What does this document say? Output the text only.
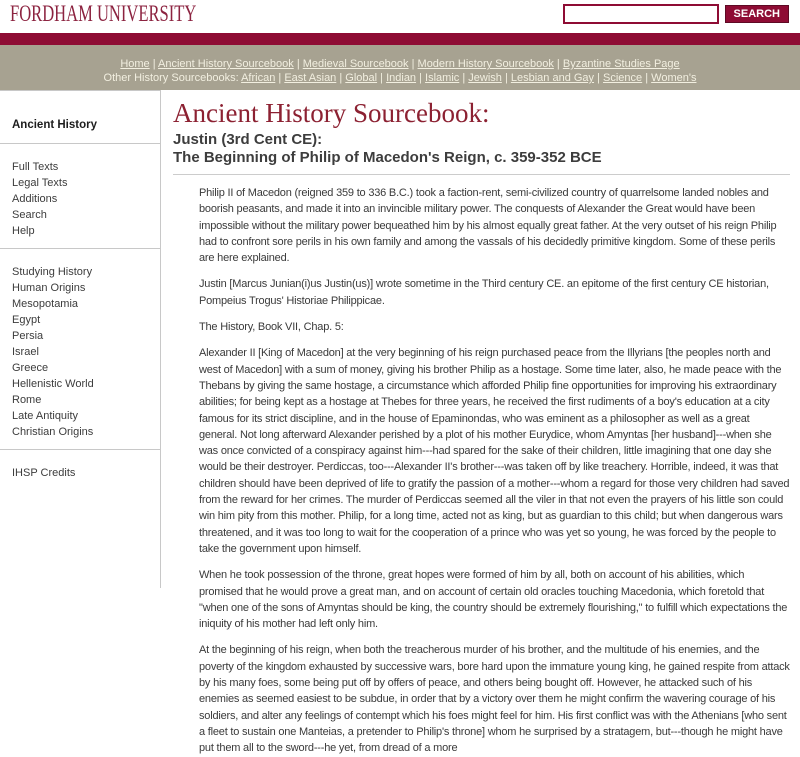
FORDHAM UNIVERSITY	SEARCH
Home | Ancient History Sourcebook | Medieval Sourcebook | Modern History Sourcebook | Byzantine Studies Page
Other History Sourcebooks: African | East Asian | Global | Indian | Islamic | Jewish | Lesbian and Gay | Science | Women's
Ancient History
Full Texts
Legal Texts
Additions
Search
Help
Studying History
Human Origins
Mesopotamia
Egypt
Persia
Israel
Greece
Hellenistic World
Rome
Late Antiquity
Christian Origins
IHSP Credits
Ancient History Sourcebook:
Justin (3rd Cent CE):
The Beginning of Philip of Macedon's Reign, c. 359-352 BCE

Philip II of Macedon (reigned 359 to 336 B.C.) took a faction-rent, semi-civilized country of quarrelsome landed nobles and boorish peasants, and made it into an invincible military power. The conquests of Alexander the Great would have been impossible without the military power bequeathed him by his almost equally great father. At the very outset of his reign Philip had to confront sore perils in his own family and among the vassals of his decidedly primitive kingdom. Some of these perils are here explained.

Justin [Marcus Junian(i)us Justin(us)] wrote sometime in the Third century CE. an epitome of the first century CE historian, Pompeius Trogus' Historiae Philippicae.

The History, Book VII, Chap. 5:

Alexander II [King of Macedon] at the very beginning of his reign purchased peace from the Illyrians [the peoples north and west of Macedon] with a sum of money, giving his brother Philip as a hostage. Some time later, also, he made peace with the Thebans by giving the same hostage, a circumstance which afforded Philip fine opportunities for improving his extraordinary abilities; for being kept as a hostage at Thebes for three years, he received the first rudiments of a boy's education at a city famous for its strict discipline, and in the house of Epaminondas, who was eminent as a philosopher as well as a great general. Not long afterward Alexander perished by a plot of his mother Eurydice, whom Amyntas [her husband]---when she was once convicted of a conspiracy against him---had spared for the sake of their children, little imagining that one day she would be their destroyer. Perdiccas, too---Alexander II's brother---was taken off by like treachery. Horrible, indeed, it was that children should have been deprived of life to gratify the passion of a mother---whom a regard for those very children had saved from the reward for her crimes. The murder of Perdiccas seemed all the viler in that not even the prayers of his little son could win him pity from this mother. Philip, for a long time, acted not as king, but as guardian to this child; but when dangerous wars threatened, and it was too long to wait for the cooperation of a prince who was yet so young, he was forced by the people to take the government upon himself.

When he took possession of the throne, great hopes were formed of him by all, both on account of his abilities, which promised that he would prove a great man, and on account of certain old oracles touching Macedonia, which foretold that "when one of the sons of Amyntas should be king, the country should be extremely flourishing," to fulfill which expectations the iniquity of his mother had left only him.

At the beginning of his reign, when both the treacherous murder of his brother, and the multitude of his enemies, and the poverty of the kingdom exhausted by successive wars, bore hard upon the immature young king, he gained respite from attack by his many foes, some being put off by offers of peace, and others being bought off. However, he attacked such of his enemies as seemed easiest to be subdue, in order that by a victory over them he might confirm the wavering courage of his soldiers, and alter any feelings of contempt which his foes might feel for him. His first conflict was with the Athenians [who sent a fleet to sustain one Manteias, a pretender to Philip's throne] whom he surprised by a stratagem, but---though he might have put them all to the sword---he yet, from dread of a more
